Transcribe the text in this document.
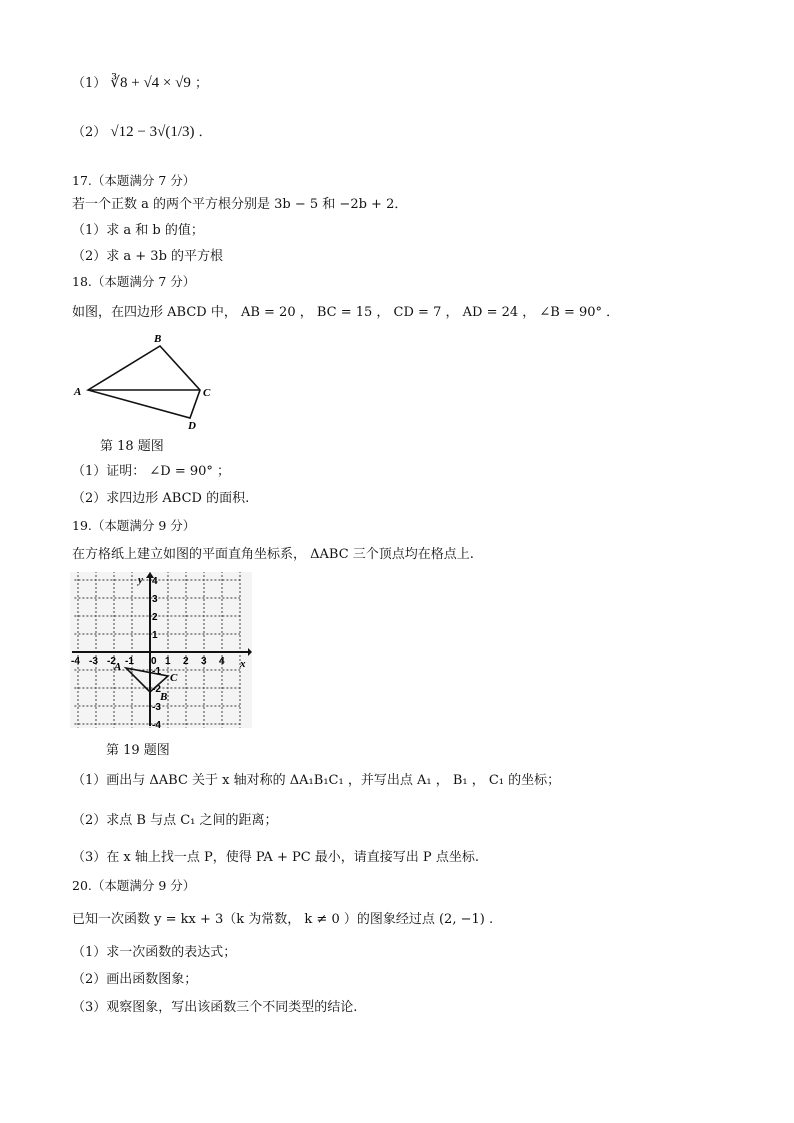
（1） ∛8 + √4 × √9 ；
（2） √12 − 3√(1/3) ．
17.（本题满分 7 分）
若一个正数 a 的两个平方根分别是 3b − 5 和 −2b + 2．
（1）求 a 和 b 的值；
（2）求 a + 3b 的平方根
18.（本题满分 7 分）
如图，在四边形 ABCD 中， AB = 20 ， BC = 15 ， CD = 7 ， AD = 24 ， ∠B = 90° ．
A
B
C
D
第 18 题图
（1）证明： ∠D = 90° ；
（2）求四边形 ABCD 的面积.
19.（本题满分 9 分）
在方格纸上建立如图的平面直角坐标系， ΔABC 三个顶点均在格点上.
-4 -3 -2 -1 0 1 2 3 4
4
3
2
1
-1
-2
-3
-4
x
y
A
B
C
第 19 题图
（1）画出与 ΔABC 关于 x 轴对称的 ΔA₁B₁C₁ ，并写出点 A₁ ， B₁ ， C₁ 的坐标；
（2）求点 B 与点 C₁ 之间的距离；
（3）在 x 轴上找一点 P，使得 PA + PC 最小，请直接写出 P 点坐标.
20.（本题满分 9 分）
已知一次函数 y = kx + 3（k 为常数， k ≠ 0 ）的图象经过点 (2, −1) .
（1）求一次函数的表达式；
（2）画出函数图象；
（3）观察图象，写出该函数三个不同类型的结论.
